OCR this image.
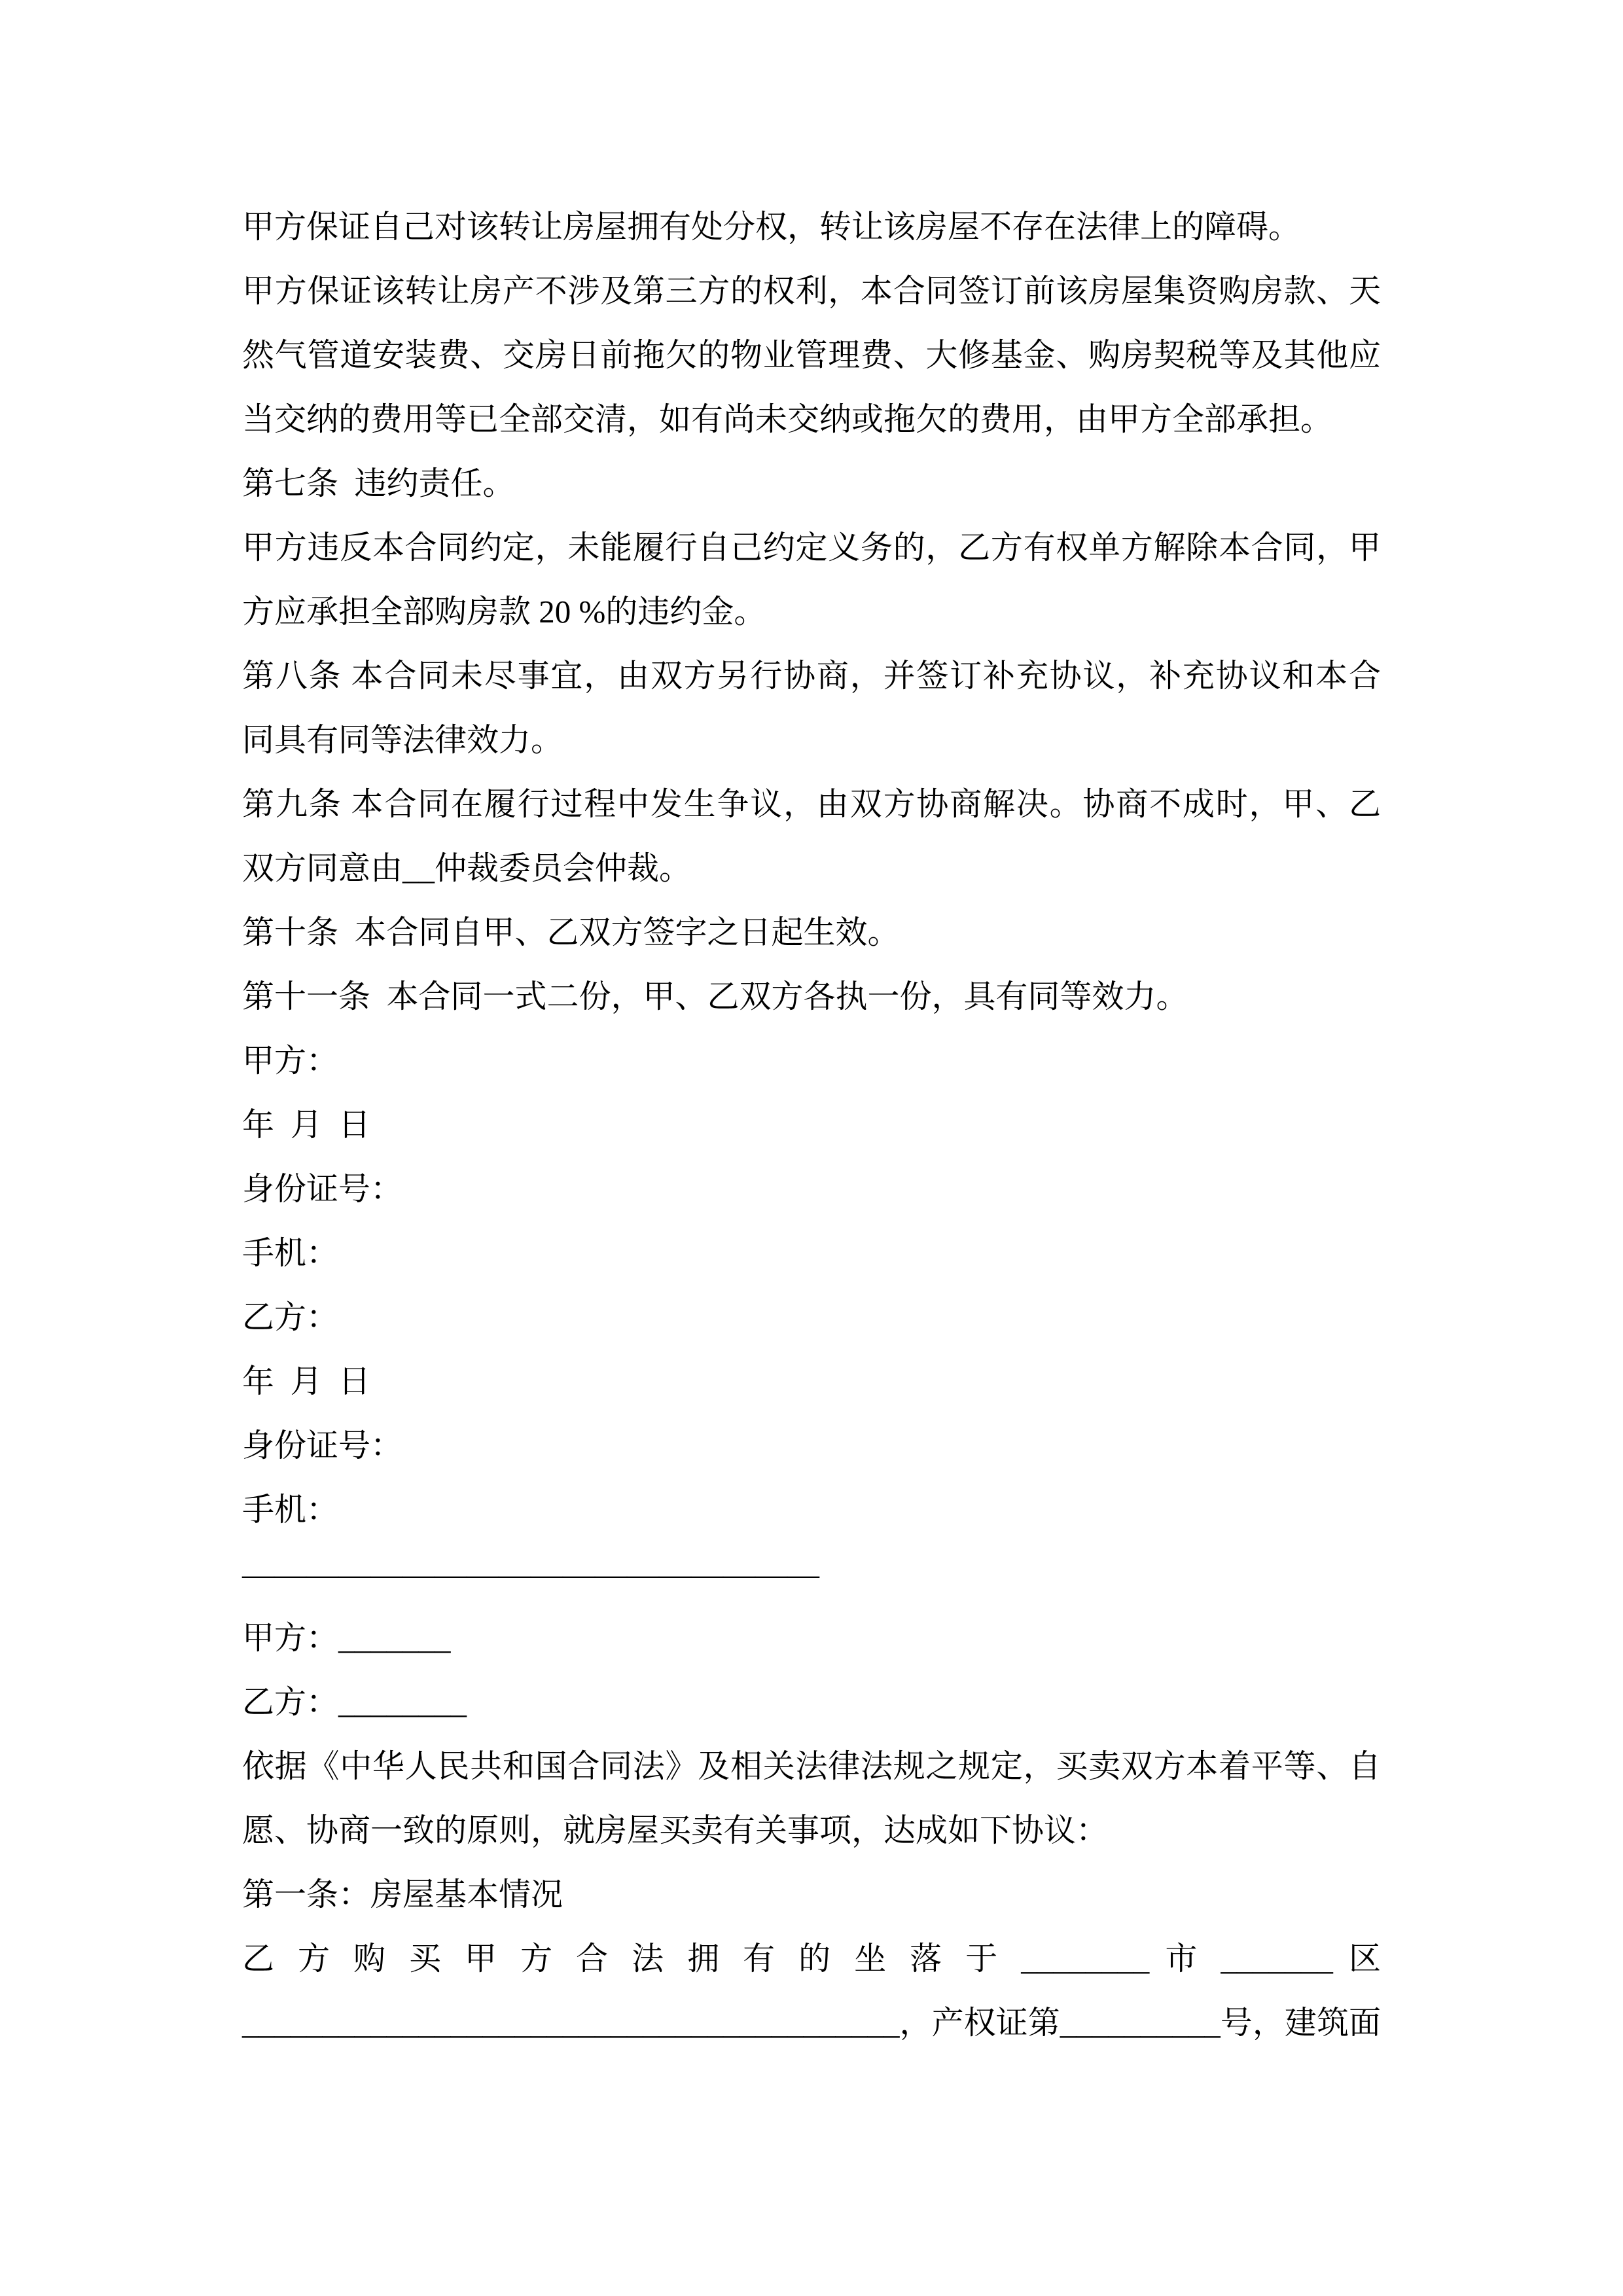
甲方保证自己对该转让房屋拥有处分权，转让该房屋不存在法律上的障碍。

甲方保证该转让房产不涉及第三方的权利，本合同签订前该房屋集资购房款、天

然气管道安装费、交房日前拖欠的物业管理费、大修基金、购房契税等及其他应

当交纳的费用等已全部交清，如有尚未交纳或拖欠的费用，由甲方全部承担。

第七条  违约责任。

甲方违反本合同约定，未能履行自己约定义务的，乙方有权单方解除本合同，甲

方应承担全部购房款 20 %的违约金。

第八条 本合同未尽事宜，由双方另行协商，并签订补充协议，补充协议和本合

同具有同等法律效力。

第九条 本合同在履行过程中发生争议，由双方协商解决。协商不成时，甲、乙

双方同意由__仲裁委员会仲裁。

第十条  本合同自甲、乙双方签字之日起生效。

第十一条  本合同一式二份，甲、乙双方各执一份，具有同等效力。

甲方：

年  月  日

身份证号：

手机：

乙方：

年  月  日

身份证号：

手机：

——————————————————

甲方：_______

乙方：________

依据《中华人民共和国合同法》及相关法律法规之规定，买卖双方本着平等、自

愿、协商一致的原则，就房屋买卖有关事项，达成如下协议：

第一条：房屋基本情况

乙 方 购 买 甲 方 合 法 拥 有 的 坐 落 于 ________ 市 _______ 区

_________________________________________，产权证第__________号，建筑面
